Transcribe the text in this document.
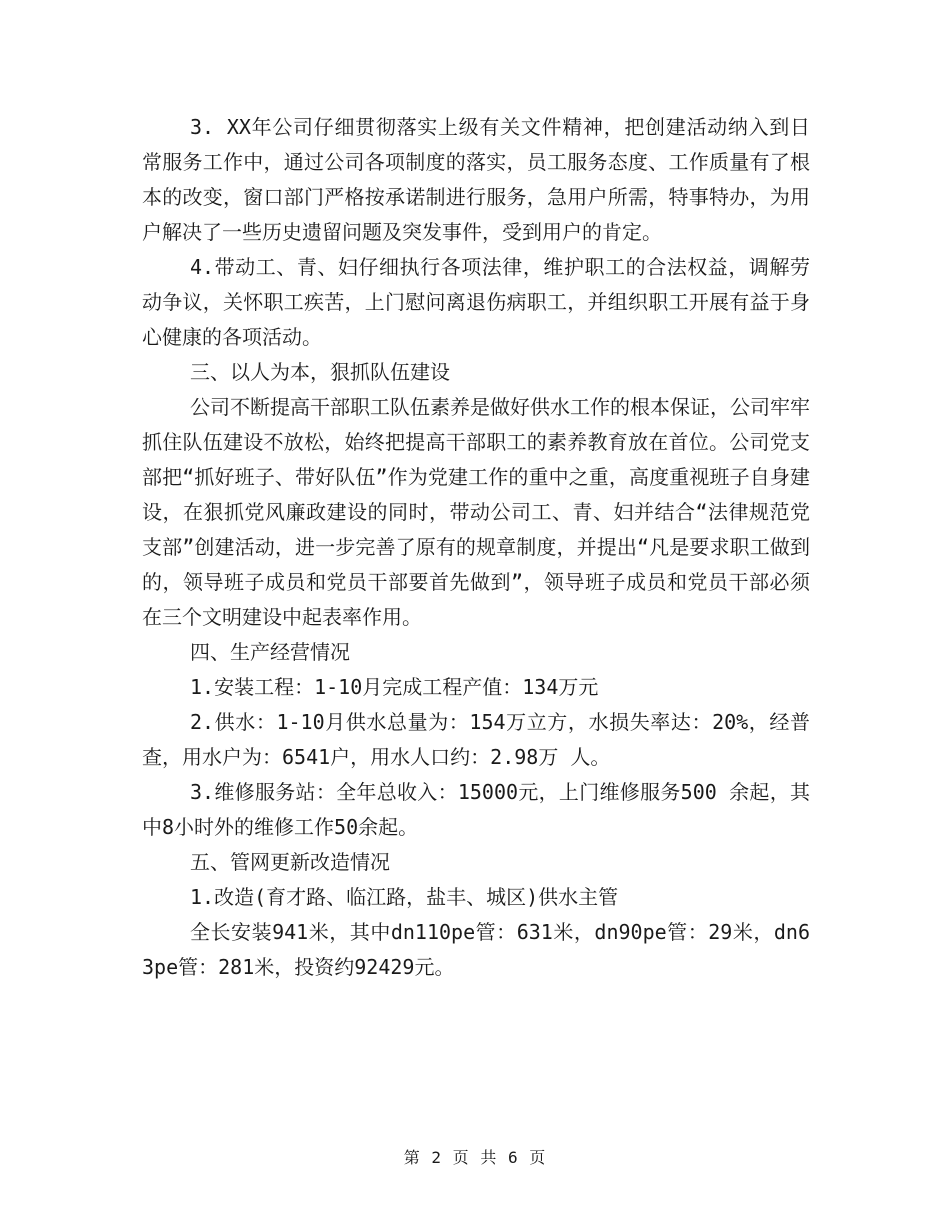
3. XX年公司仔细贯彻落实上级有关文件精神，把创建活动纳入到日常服务工作中，通过公司各项制度的落实，员工服务态度、工作质量有了根本的改变，窗口部门严格按承诺制进行服务，急用户所需，特事特办，为用户解决了一些历史遗留问题及突发事件，受到用户的肯定。

4.带动工、青、妇仔细执行各项法律，维护职工的合法权益，调解劳动争议，关怀职工疾苦，上门慰问离退伤病职工，并组织职工开展有益于身心健康的各项活动。

三、以人为本，狠抓队伍建设

公司不断提高干部职工队伍素养是做好供水工作的根本保证，公司牢牢抓住队伍建设不放松，始终把提高干部职工的素养教育放在首位。公司党支部把“抓好班子、带好队伍”作为党建工作的重中之重，高度重视班子自身建设，在狠抓党风廉政建设的同时，带动公司工、青、妇并结合“法律规范党支部”创建活动，进一步完善了原有的规章制度，并提出“凡是要求职工做到的，领导班子成员和党员干部要首先做到”，领导班子成员和党员干部必须在三个文明建设中起表率作用。

四、生产经营情况

1.安装工程：1-10月完成工程产值：134万元

2.供水：1-10月供水总量为：154万立方，水损失率达：20%，经普查，用水户为：6541户，用水人口约：2.98万 人。

3.维修服务站：全年总收入：15000元，上门维修服务500 余起，其中8小时外的维修工作50余起。

五、管网更新改造情况

1.改造(育才路、临江路，盐丰、城区)供水主管

全长安装941米，其中dn110pe管：631米，dn90pe管：29米，dn63pe管：281米，投资约92429元。

第 2 页 共 6 页
